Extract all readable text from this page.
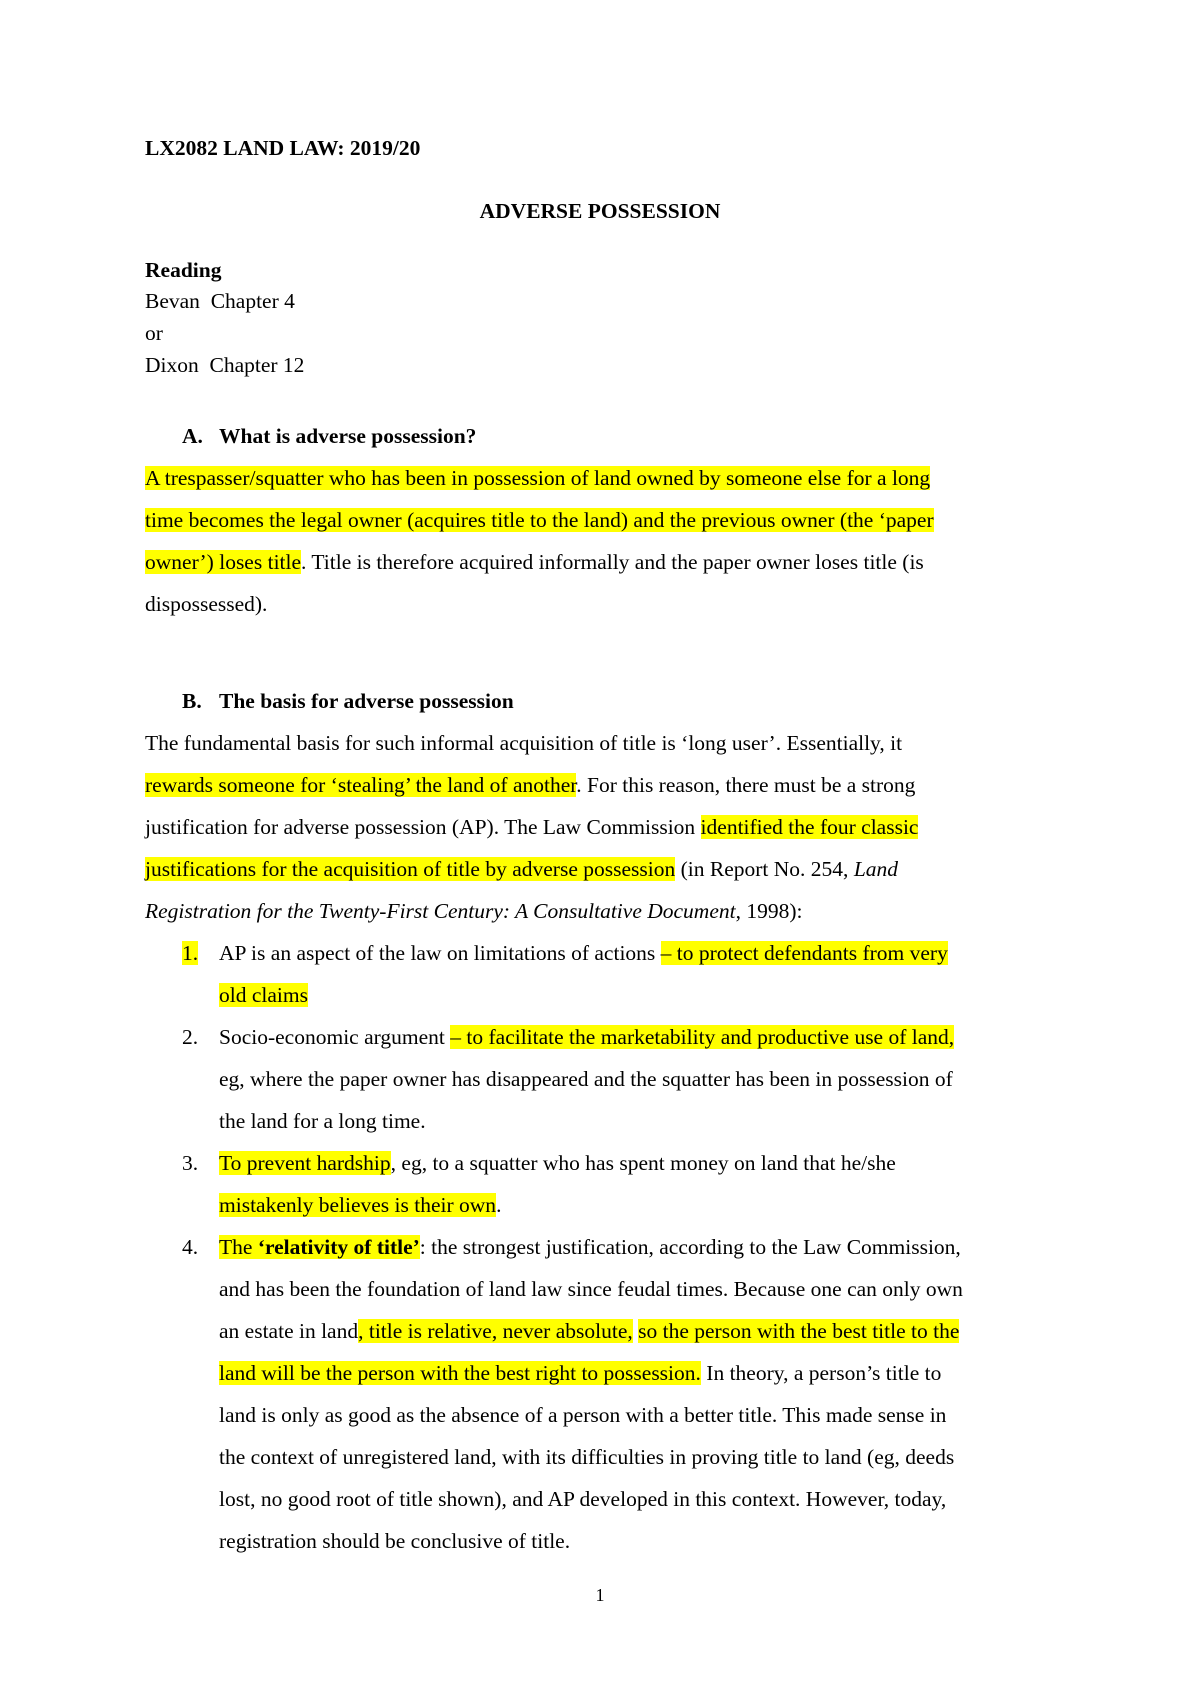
LX2082 LAND LAW: 2019/20
ADVERSE POSSESSION
Reading
Bevan Chapter 4
or
Dixon Chapter 12
A. What is adverse possession?
A trespasser/squatter who has been in possession of land owned by someone else for a long
time becomes the legal owner (acquires title to the land) and the previous owner (the ‘paper
owner’) loses title. Title is therefore acquired informally and the paper owner loses title (is
dispossessed).
B. The basis for adverse possession
The fundamental basis for such informal acquisition of title is ‘long user’. Essentially, it
rewards someone for ‘stealing’ the land of another. For this reason, there must be a strong
justification for adverse possession (AP). The Law Commission identified the four classic
justifications for the acquisition of title by adverse possession (in Report No. 254, Land
Registration for the Twenty-First Century: A Consultative Document, 1998):
1. AP is an aspect of the law on limitations of actions – to protect defendants from very
old claims
2. Socio-economic argument – to facilitate the marketability and productive use of land,
eg, where the paper owner has disappeared and the squatter has been in possession of
the land for a long time.
3. To prevent hardship, eg, to a squatter who has spent money on land that he/she
mistakenly believes is their own.
4. The ‘relativity of title’: the strongest justification, according to the Law Commission,
and has been the foundation of land law since feudal times. Because one can only own
an estate in land, title is relative, never absolute, so the person with the best title to the
land will be the person with the best right to possession. In theory, a person’s title to
land is only as good as the absence of a person with a better title. This made sense in
the context of unregistered land, with its difficulties in proving title to land (eg, deeds
lost, no good root of title shown), and AP developed in this context. However, today,
registration should be conclusive of title.
1
